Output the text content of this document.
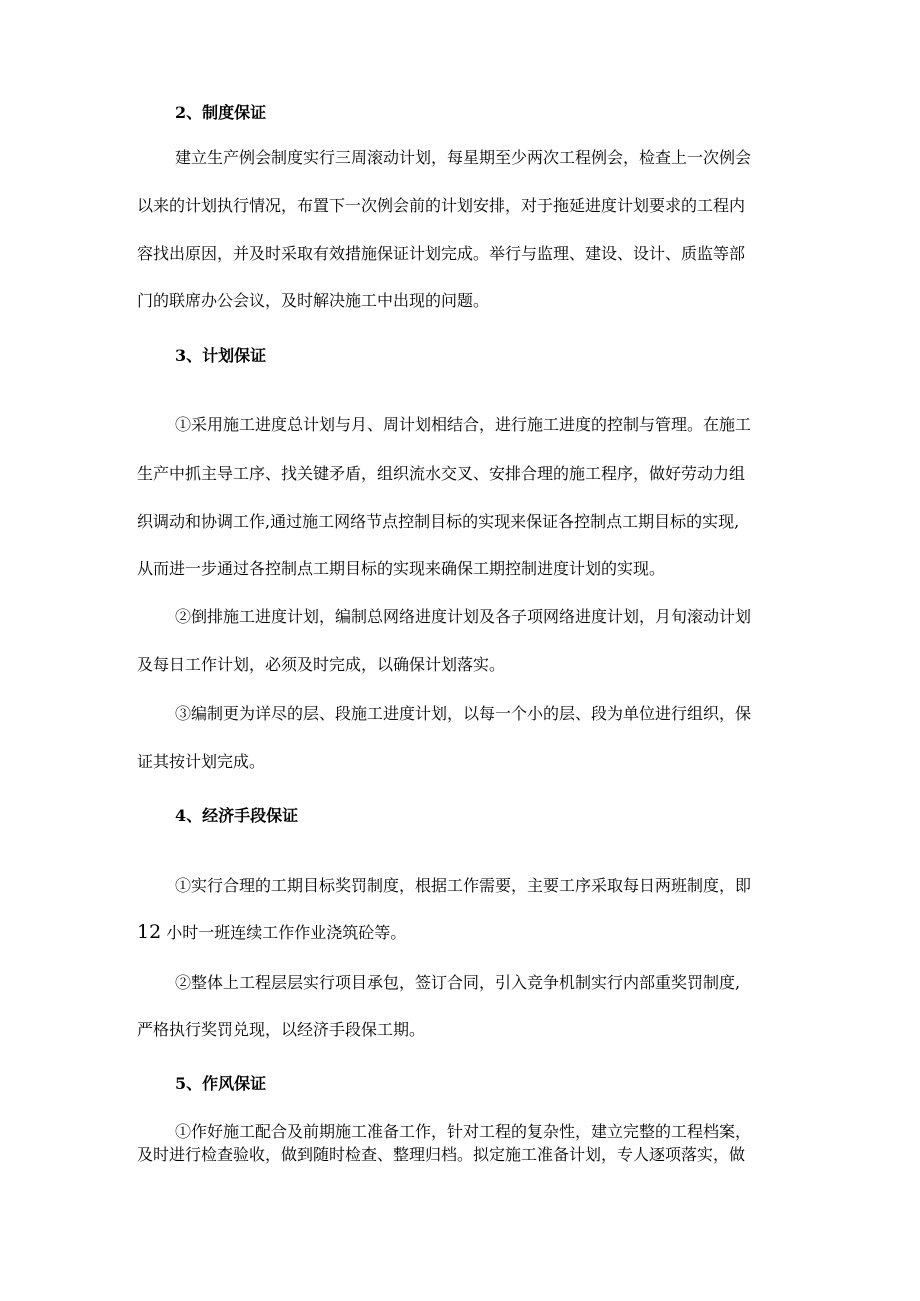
2、制度保证
建立生产例会制度实行三周滚动计划，每星期至少两次工程例会，检查上一次例会
以来的计划执行情况，布置下一次例会前的计划安排，对于拖延进度计划要求的工程内
容找出原因，并及时采取有效措施保证计划完成。举行与监理、建设、设计、质监等部
门的联席办公会议，及时解决施工中出现的问题。
3、计划保证
①采用施工进度总计划与月、周计划相结合，进行施工进度的控制与管理。在施工
生产中抓主导工序、找关键矛盾，组织流水交叉、安排合理的施工程序，做好劳动力组
织调动和协调工作,通过施工网络节点控制目标的实现来保证各控制点工期目标的实现,
从而进一步通过各控制点工期目标的实现来确保工期控制进度计划的实现。
②倒排施工进度计划，编制总网络进度计划及各子项网络进度计划，月旬滚动计划
及每日工作计划，必须及时完成，以确保计划落实。
③编制更为详尽的层、段施工进度计划，以每一个小的层、段为单位进行组织，保
证其按计划完成。
4、经济手段保证
①实行合理的工期目标奖罚制度，根据工作需要，主要工序采取每日两班制度，即
12 小时一班连续工作作业浇筑砼等。
②整体上工程层层实行项目承包，签订合同，引入竞争机制实行内部重奖罚制度,
严格执行奖罚兑现，以经济手段保工期。
5、作风保证
①作好施工配合及前期施工准备工作，针对工程的复杂性，建立完整的工程档案，
及时进行检查验收，做到随时检查、整理归档。拟定施工准备计划，专人逐项落实，做
